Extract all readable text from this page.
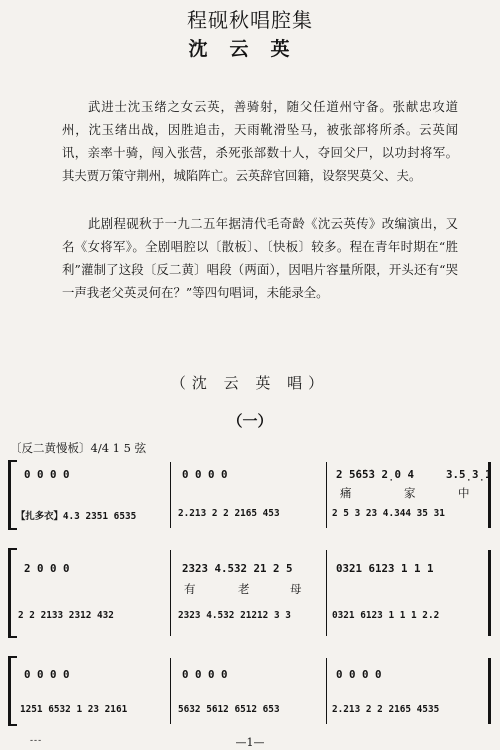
程砚秋唱腔集
沈云英

武进士沈玉绪之女云英，善骑射，随父任道州守备。张献忠攻道州，沈玉绪出战，因胜追击，天雨靴滑坠马，被张部将所杀。云英闻讯，亲率十骑，闯入张营，杀死张部数十人，夺回父尸，以功封将军。其夫贾万策守荆州，城陷阵亡。云英辞官回籍，设祭哭莫父、夫。

此剧程砚秋于一九二五年据清代毛奇龄《沈云英传》改编演出，又名《女将军》。全剧唱腔以〔散板〕、〔快板〕较多。程在青年时期在“胜利”灌制了这段〔反二黄〕唱段（两面），因唱片容量所限，开头还有“哭一声我老父英灵何在？”等四句唱词，未能录全。

（沈 云 英 唱）
（一）
〔反二黄慢板〕4/4 1 5 弦
0 0 0 0	0 0 0 0	2 5̇6̇5̇3 2̣0 4	3.5̣3̣1
痛	家	中
【扎多衣】4.3 2351 6535	2.213 2 2 2165 453	2 5 3 23 4.344 35 31
2 0 0 0	2323 4.532 21 2 5	0321 6123 1 1 1
有	老	母
2 2 2133 2312 432	2323 4.532 21212 3 3	0321 6123 1 1 1 2.2
0 0 0 0	0 0 0 0	0 0 0 0
1251 6532 1 23 2161	5632 5612 6512 653	2.213 2 2 2165 4535
---	—1—
